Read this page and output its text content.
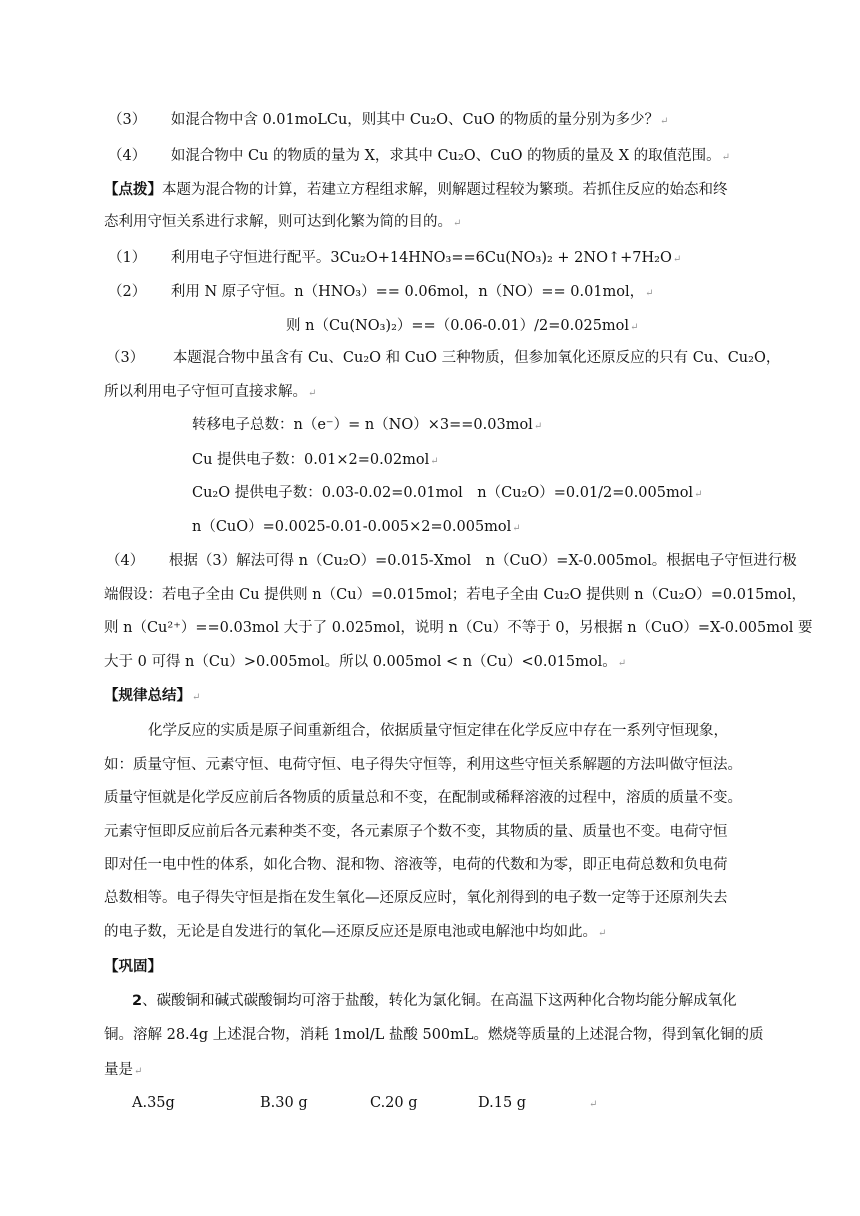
（3） 如混合物中含 0.01moLCu，则其中 Cu₂O、CuO 的物质的量分别为多少？↵
（4） 如混合物中 Cu 的物质的量为 X，求其中 Cu₂O、CuO 的物质的量及 X 的取值范围。↵
【点拨】本题为混合物的计算，若建立方程组求解，则解题过程较为繁琐。若抓住反应的始态和终
态利用守恒关系进行求解，则可达到化繁为简的目的。↵
（1） 利用电子守恒进行配平。3Cu₂O+14HNO₃==6Cu(NO₃)₂ + 2NO↑+7H₂O↵
（2） 利用 N 原子守恒。n（HNO₃）== 0.06mol，n（NO）== 0.01mol，↵
则 n（Cu(NO₃)₂）==（0.06-0.01）/2=0.025mol↵
（3） 本题混合物中虽含有 Cu、Cu₂O 和 CuO 三种物质，但参加氧化还原反应的只有 Cu、Cu₂O，
所以利用电子守恒可直接求解。↵
转移电子总数：n（e⁻）= n（NO）×3==0.03mol↵
Cu 提供电子数：0.01×2=0.02mol↵
Cu₂O 提供电子数：0.03-0.02=0.01mol　n（Cu₂O）=0.01/2=0.005mol↵
n（CuO）=0.0025-0.01-0.005×2=0.005mol↵
（4） 根据（3）解法可得 n（Cu₂O）=0.015-Xmol　n（CuO）=X-0.005mol。根据电子守恒进行极
端假设：若电子全由 Cu 提供则 n（Cu）=0.015mol；若电子全由 Cu₂O 提供则 n（Cu₂O）=0.015mol，
则 n（Cu²⁺）==0.03mol 大于了 0.025mol，说明 n（Cu）不等于 0，另根据 n（CuO）=X-0.005mol 要
大于 0 可得 n（Cu）>0.005mol。所以 0.005mol < n（Cu）<0.015mol。↵
【规律总结】↵
化学反应的实质是原子间重新组合，依据质量守恒定律在化学反应中存在一系列守恒现象，
如：质量守恒、元素守恒、电荷守恒、电子得失守恒等，利用这些守恒关系解题的方法叫做守恒法。
质量守恒就是化学反应前后各物质的质量总和不变，在配制或稀释溶液的过程中，溶质的质量不变。
元素守恒即反应前后各元素种类不变，各元素原子个数不变，其物质的量、质量也不变。电荷守恒
即对任一电中性的体系，如化合物、混和物、溶液等，电荷的代数和为零，即正电荷总数和负电荷
总数相等。电子得失守恒是指在发生氧化—还原反应时，氧化剂得到的电子数一定等于还原剂失去
的电子数，无论是自发进行的氧化—还原反应还是原电池或电解池中均如此。↵
【巩固】
2、碳酸铜和碱式碳酸铜均可溶于盐酸，转化为氯化铜。在高温下这两种化合物均能分解成氧化
铜。溶解 28.4g 上述混合物，消耗 1mol/L 盐酸 500mL。燃烧等质量的上述混合物，得到氧化铜的质
量是↵
A.35g	B.30 g	C.20 g	D.15 g	↵
